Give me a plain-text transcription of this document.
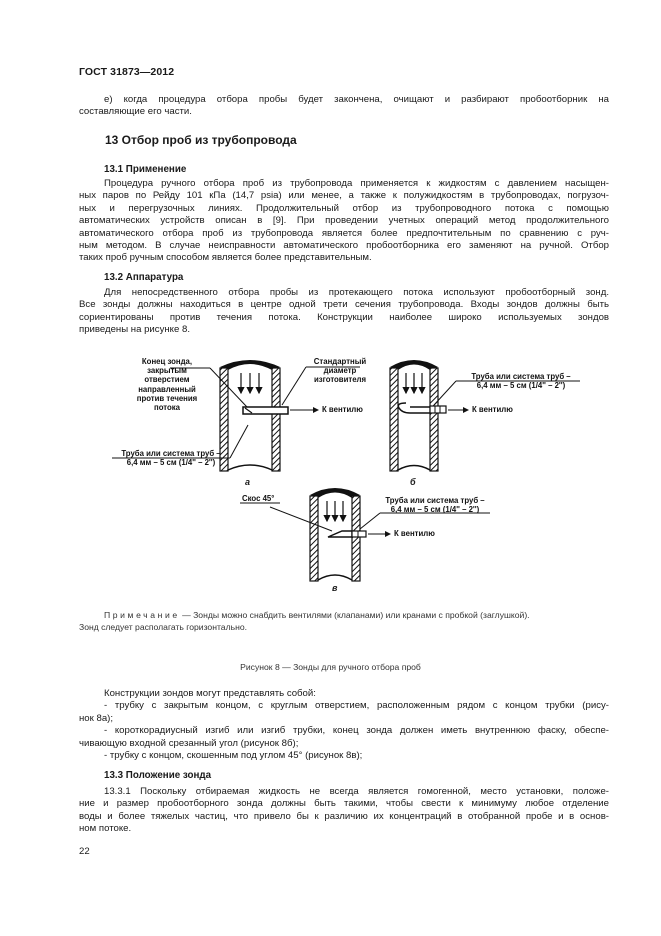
ГОСТ 31873—2012
е) когда процедура отбора пробы будет закончена, очищают и разбирают пробоотборник на
составляющие его части.
13 Отбор проб из трубопровода
13.1 Применение
Процедура ручного отбора проб из трубопровода применяется к жидкостям с давлением насыщен-
ных паров по Рейду 101 кПа (14,7 psia) или менее, а также к полужидкостям в трубопроводах, погрузоч-
ных и перегрузочных линиях. Продолжительный отбор из трубопроводного потока с помощью
автоматических устройств описан в [9]. При проведении учетных операций метод продолжительного
автоматического отбора проб из трубопровода является более предпочтительным по сравнению с руч-
ным методом. В случае неисправности автоматического пробоотборника его заменяют на ручной. Отбор
таких проб ручным способом является более представительным.
13.2 Аппаратура
Для непосредственного отбора пробы из протекающего потока используют пробоотборный зонд.
Все зонды должны находиться в центре одной трети сечения трубопровода. Входы зондов должны быть
сориентированы против течения потока. Конструкции наиболее широко используемых зондов
приведены на рисунке 8.
Конец зонда,
закрытым
отверстием
направленный
против течения
потока
Стандартный
диаметр
изготовителя
К вентилю
Труба или система труб –
6,4 мм – 5 см (1/4'' – 2'')
а
Труба или система труб –
6,4 мм – 5 см (1/4'' – 2'')
К вентилю
б
Скос 45°	Труба или система труб –
6,4 мм – 5 см (1/4'' – 2'')
К вентилю
в
Примечание — Зонды можно снабдить вентилями (клапанами) или кранами с пробкой (заглушкой).
Зонд следует располагать горизонтально.
Рисунок 8 — Зонды для ручного отбора проб
Конструкции зондов могут представлять собой:
- трубку с закрытым концом, с круглым отверстием, расположенным рядом с концом трубки (рису-
нок 8а);
- короткорадиусный изгиб или изгиб трубки, конец зонда должен иметь внутреннюю фаску, обеспе-
чивающую входной срезанный угол (рисунок 8б);
- трубку с концом, скошенным под углом 45° (рисунок 8в);
13.3 Положение зонда
13.3.1 Поскольку отбираемая жидкость не всегда является гомогенной, место установки, положе-
ние и размер пробоотборного зонда должны быть такими, чтобы свести к минимуму любое отделение
воды и более тяжелых частиц, что привело бы к различию их концентраций в отобранной пробе и в основ-
ном потоке.
22
